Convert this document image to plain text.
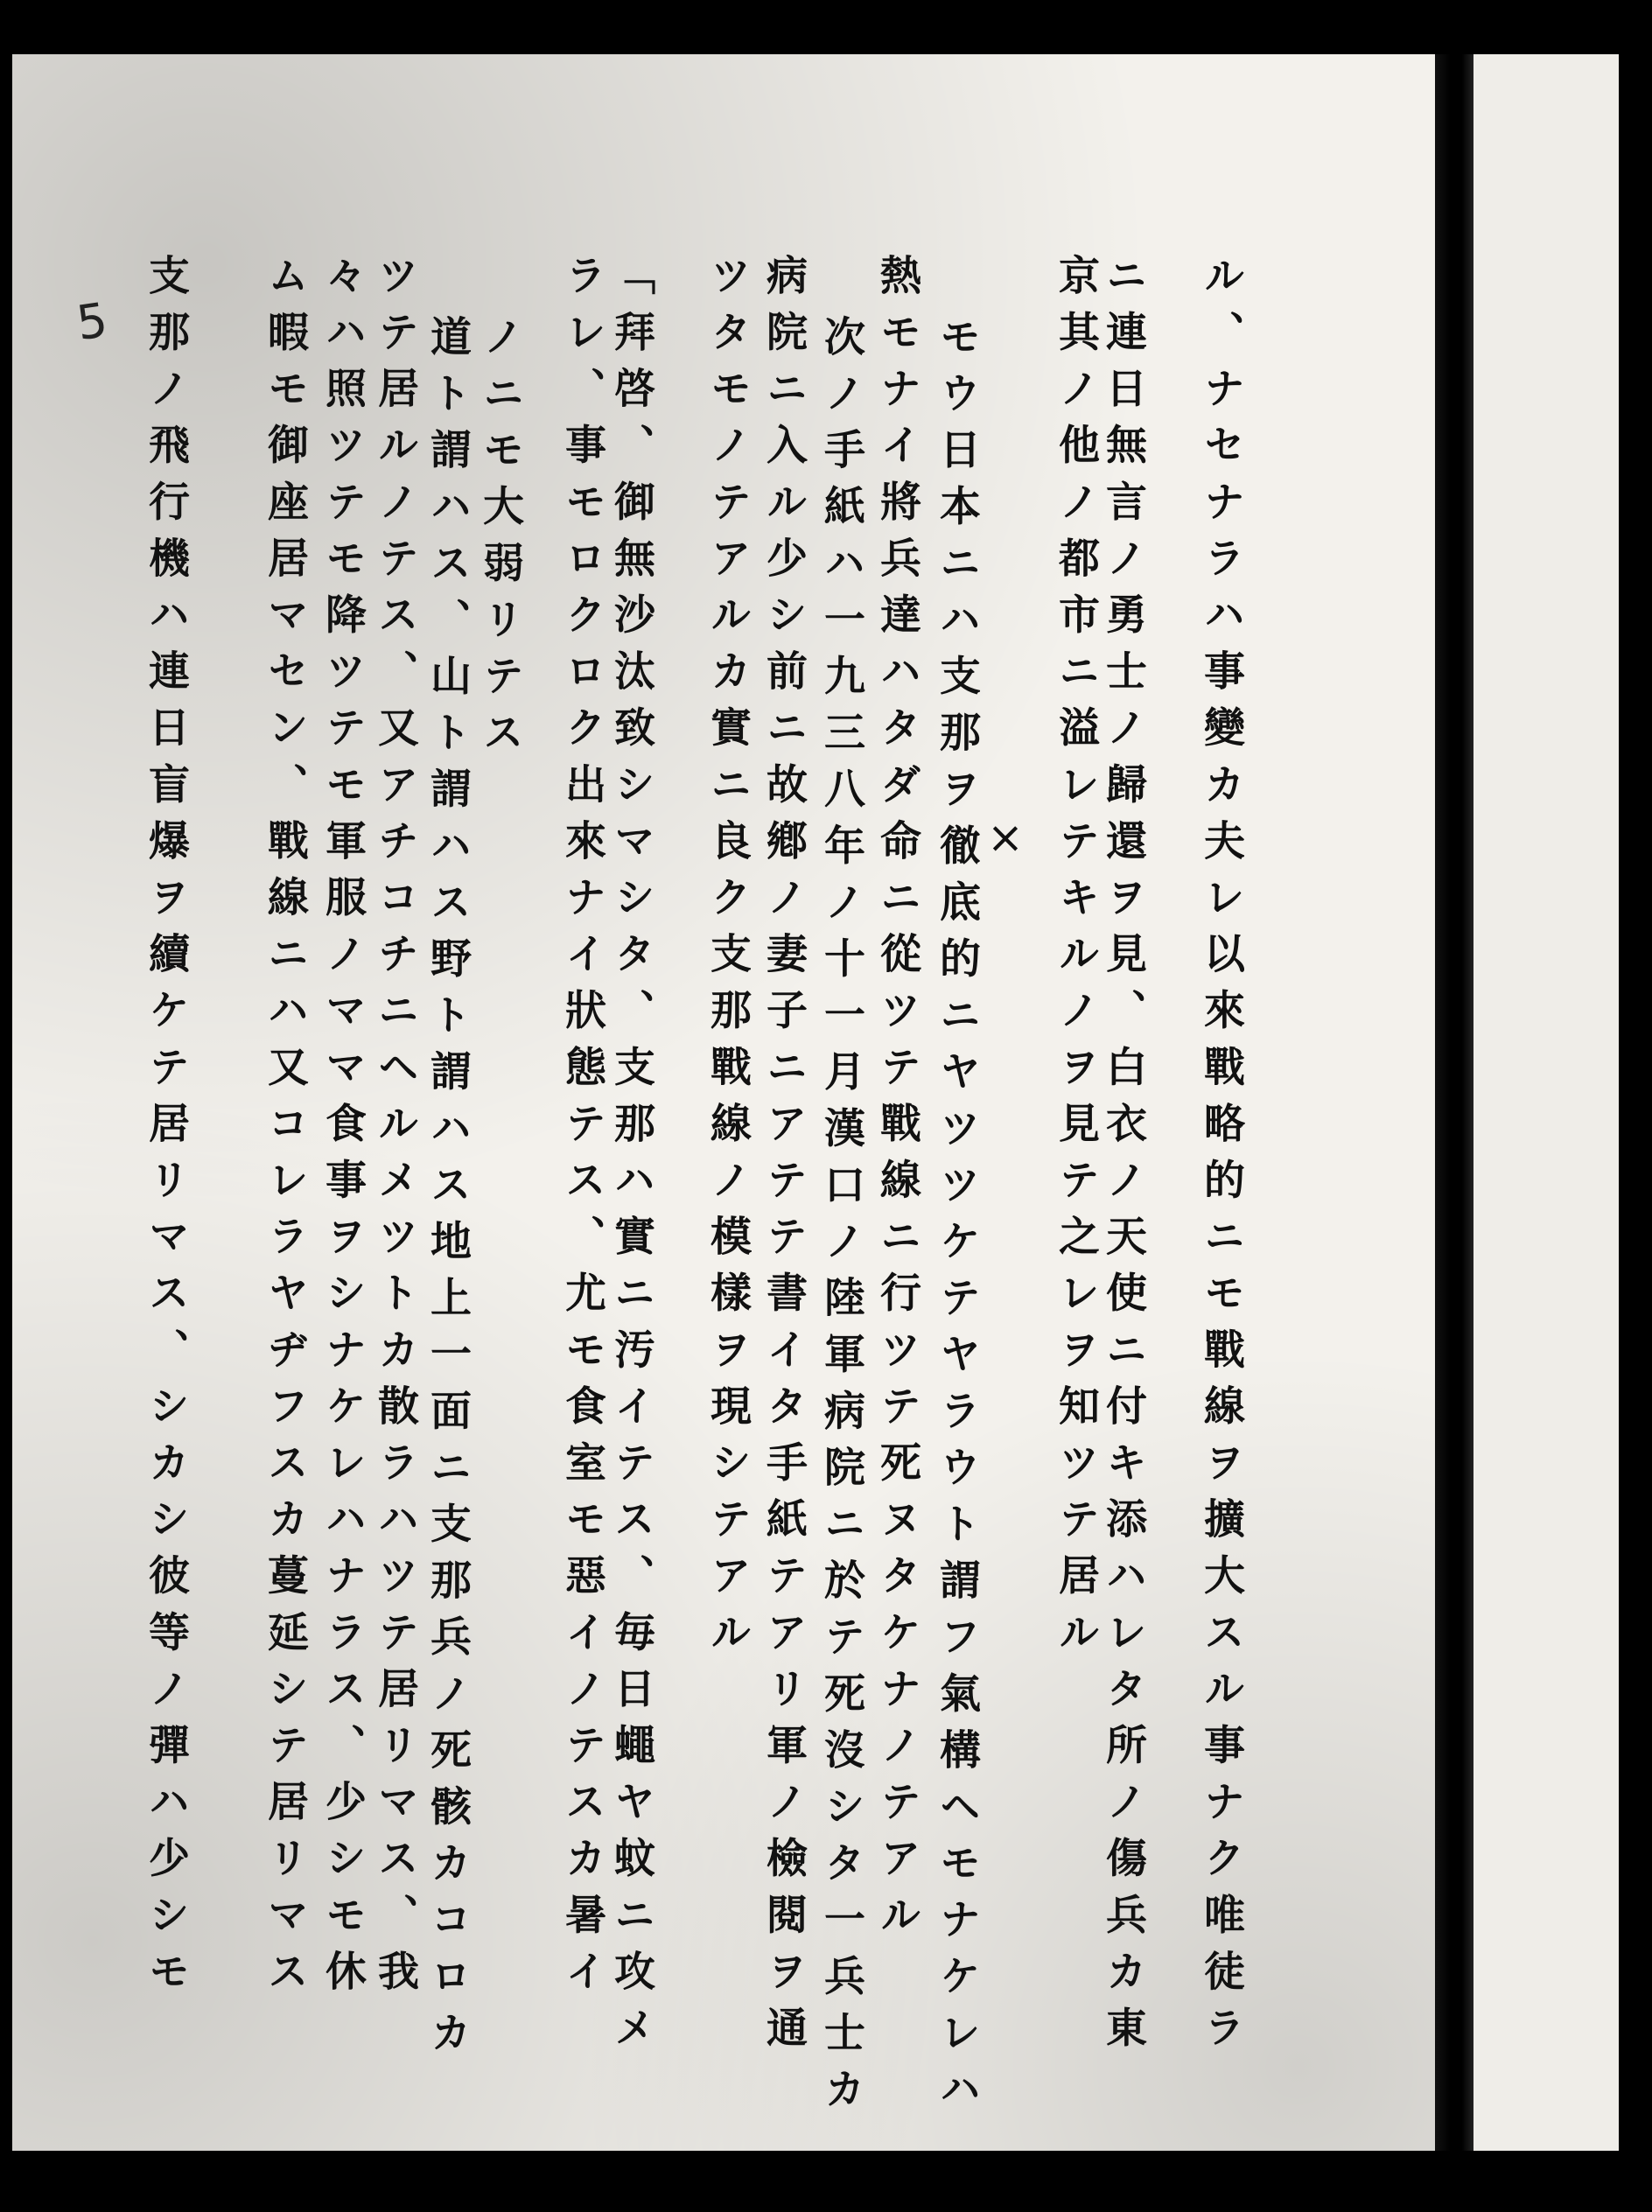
5
×	ル、ナセナラハ事變カ夫レ以來戰略的ニモ戰線ヲ擴大スル事ナク唯徒ラ
ニ連日無言ノ勇士ノ歸還ヲ見、白衣ノ天使ニ付キ添ハレタ所ノ傷兵カ東
京其ノ他ノ都市ニ溢レテキルノヲ見テ之レヲ知ツテ居ル
モウ日本ニハ支那ヲ徹底的ニヤツツケテヤラウト謂フ氣構ヘモナケレハ
熱モナイ將兵達ハタダ命ニ從ツテ戰線ニ行ツテ死ヌタケナノテアル
次ノ手紙ハ一九三八年ノ十一月漢口ノ陸軍病院ニ於テ死沒シタ一兵士カ
病院ニ入ル少シ前ニ故鄕ノ妻子ニアテテ書イタ手紙テアリ軍ノ檢閱ヲ通
ツタモノテアルカ實ニ良ク支那戰線ノ模樣ヲ現シテアル
「拜啓、御無沙汰致シマシタ、支那ハ實ニ汚イテス、毎日蠅ヤ蚊ニ攻メ
ラレ、事モロクロク出來ナイ狀態テス、尤モ食室モ惡イノテスカ暑イ
ノニモ大弱リテス
道ト謂ハス、山ト謂ハス野ト謂ハス地上一面ニ支那兵ノ死骸カコロカ
ツテ居ルノテス、又アチコチニヘルメツトカ散ラハツテ居リマス、我
々ハ照ツテモ降ツテモ軍服ノママ食事ヲシナケレハナラス、少シモ休
ム暇モ御座居マセン、戰線ニハ又コレラヤヂフスカ蔓延シテ居リマス
支那ノ飛行機ハ連日盲爆ヲ續ケテ居リマス、シカシ彼等ノ彈ハ少シモ
